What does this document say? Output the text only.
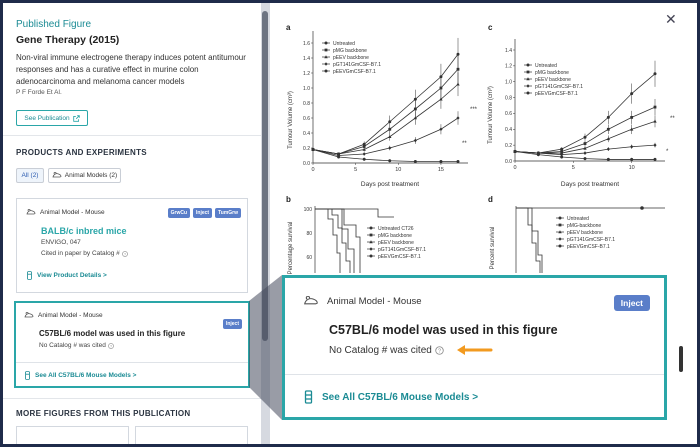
Published Figure
Gene Therapy (2015)
Non-viral immune electrogene therapy induces potent antitumour responses and has a curative effect in murine colon adenocarcinoma and melanoma cancer models
P F Forde Et Al.
See Publication
PRODUCTS AND EXPERIMENTS
All (2)	Animal Models (2)
Animal Model - Mouse	GrwCu	Inject	TumGrw
BALB/c inbred mice
ENVIGO, 047
Cited in paper by Catalog # ?
View Product Details >
Animal Model - Mouse
Inject
C57BL/6 model was used in this figure
No Catalog # was cited ?
See All C57BL/6 Mouse Models >
MORE FIGURES FROM THIS PUBLICATION
a
Tumour Volume (cm³)
1.6
1.4
1.2
1.0
0.8
0.6
0.4
0.2
0.0
0	5	10	15
Untreated
pMG backbone
pEEV backbone
pGT141GmCSF-B7.1
pEEVGmCSF-B7.1
***
**
Days post treatment
c
Tumour Volume (cm³)
1.4
1.2
1.0
0.8
0.6
0.4
0.2
0.0
0	5	10
Untreated
pMG backbone
pEEV backbone
pGT141GmCSF-B7.1
pEEVGmCSF-B7.1
**
*
Days post treatment
b
Percentage survival
100
80
60
Untreated CT26
pMG backbone
pEEV backbone
pGT141GmCSF-B7.1
pEEVGmCSF-B7.1
d
Percent survival
Untreated
pMG-backbone
pEEV backbone
pGT141GmCSF-B7.1
pEEVGmCSF-B7.1
✕
Animal Model - Mouse	Inject
C57BL/6 model was used in this figure
No Catalog # was cited ?
See All C57BL/6 Mouse Models >
